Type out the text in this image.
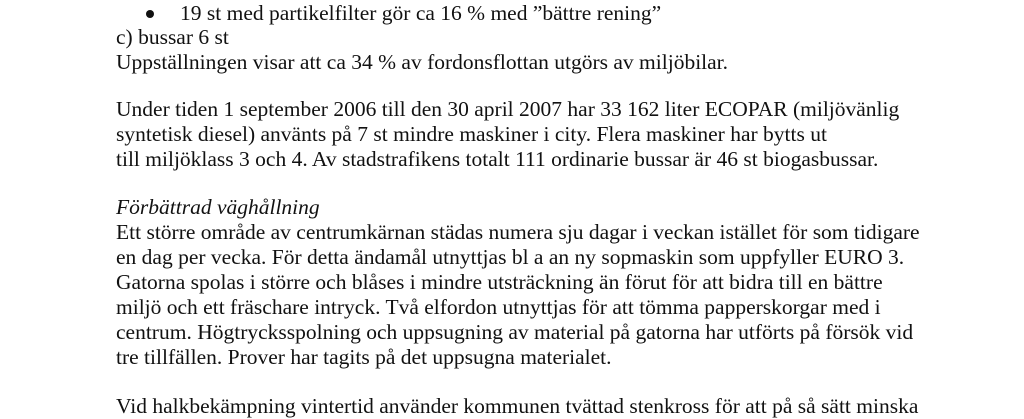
19 st med partikelfilter gör ca 16 % med ”bättre rening”
c) bussar 6 st
Uppställningen visar att ca 34 % av fordonsflottan utgörs av miljöbilar.
Under tiden 1 september 2006 till den 30 april 2007 har 33 162 liter ECOPAR (miljövänlig
syntetisk diesel) använts på 7 st mindre maskiner i city. Flera maskiner har bytts ut
till miljöklass 3 och 4. Av stadstrafikens totalt 111 ordinarie bussar är 46 st biogasbussar.
Förbättrad väghållning
Ett större område av centrumkärnan städas numera sju dagar i veckan istället för som tidigare
en dag per vecka. För detta ändamål utnyttjas bl a an ny sopmaskin som uppfyller EURO 3.
Gatorna spolas i större och blåses i mindre utsträckning än förut för att bidra till en bättre
miljö och ett fräschare intryck. Två elfordon utnyttjas för att tömma papperskorgar med i
centrum. Högtrycksspolning och uppsugning av material på gatorna har utförts på försök vid
tre tillfällen. Prover har tagits på det uppsugna materialet.
Vid halkbekämpning vintertid använder kommunen tvättad stenkross för att på så sätt minska
